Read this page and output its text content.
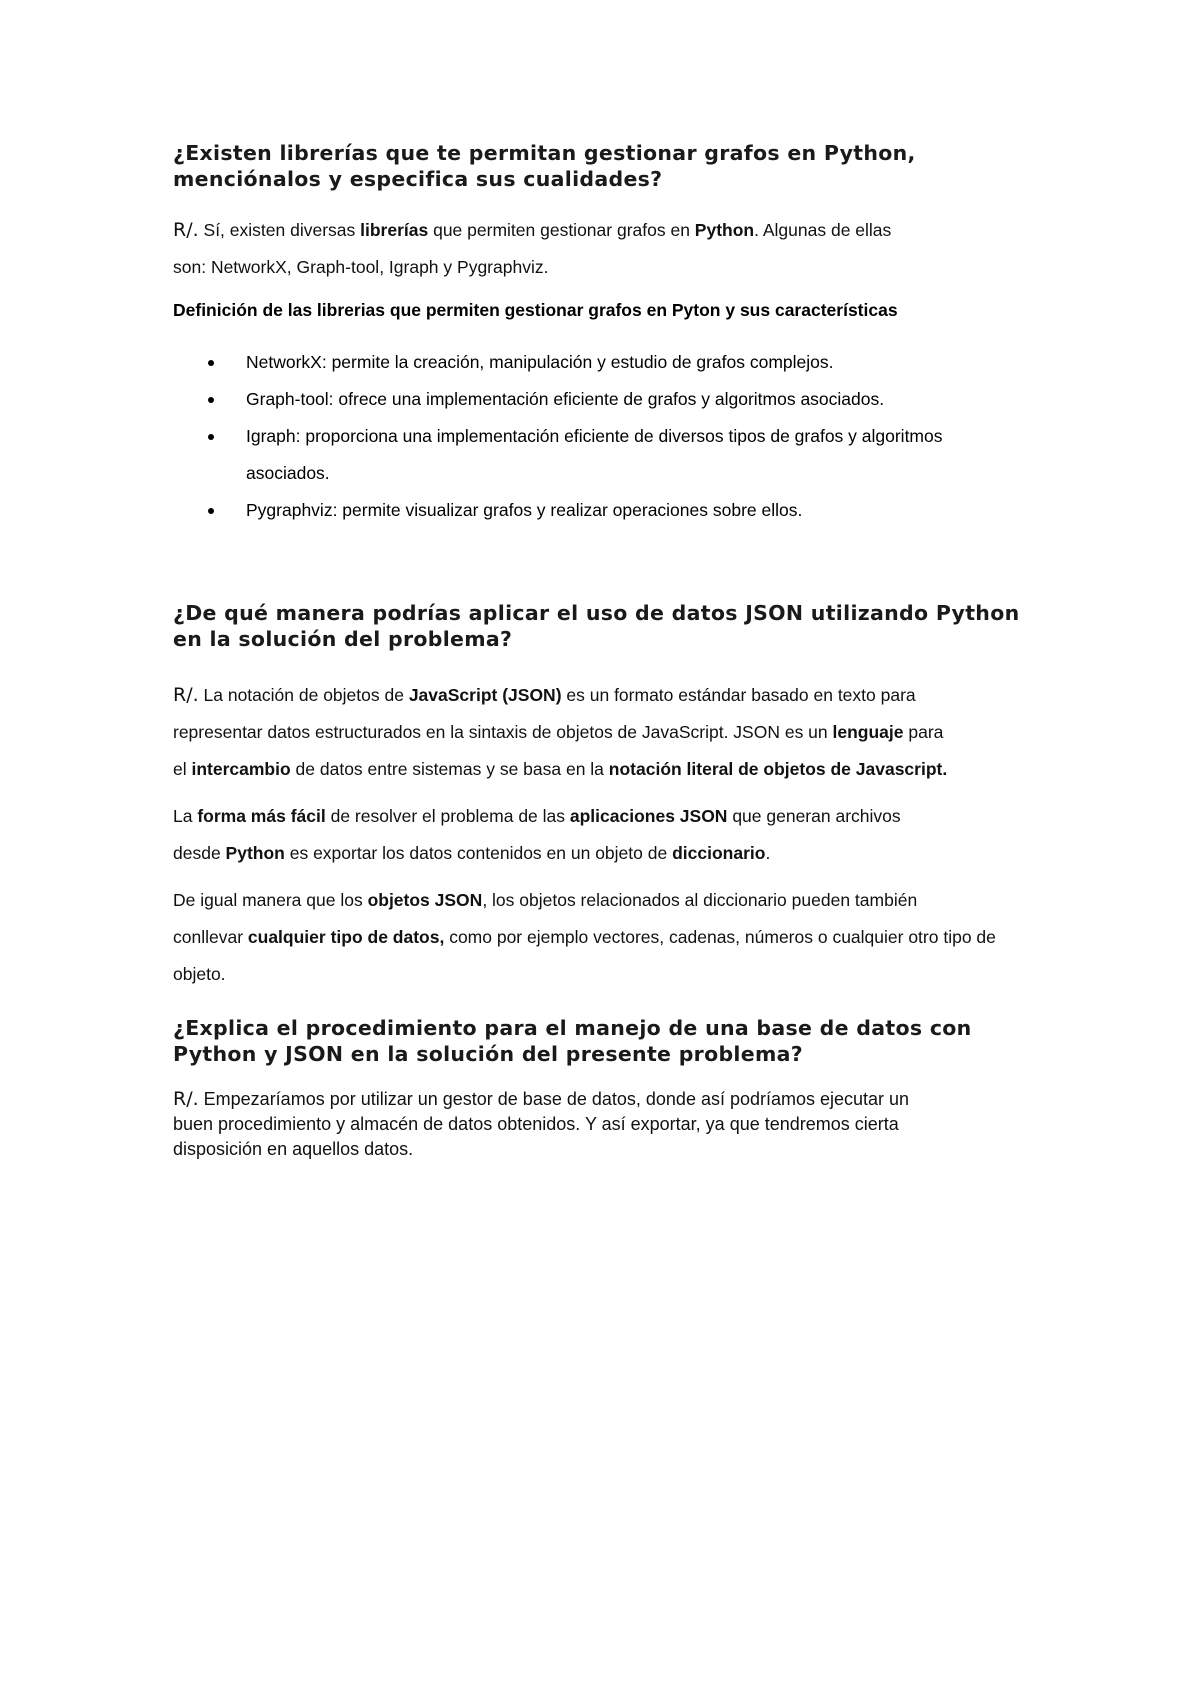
¿Existen librerías que te permitan gestionar grafos en Python,
menciónalos y especifica sus cualidades?

R/. Sí, existen diversas librerías que permiten gestionar grafos en Python. Algunas de ellas
son: NetworkX, Graph-tool, Igraph y Pygraphviz.

Definición de las librerias que permiten gestionar grafos en Pyton y sus características

NetworkX: permite la creación, manipulación y estudio de grafos complejos.
Graph-tool: ofrece una implementación eficiente de grafos y algoritmos asociados.
Igraph: proporciona una implementación eficiente de diversos tipos de grafos y algoritmos
asociados.
Pygraphviz: permite visualizar grafos y realizar operaciones sobre ellos.
¿De qué manera podrías aplicar el uso de datos JSON utilizando Python
en la solución del problema?

R/. La notación de objetos de JavaScript (JSON) es un formato estándar basado en texto para
representar datos estructurados en la sintaxis de objetos de JavaScript. JSON es un lenguaje para
el intercambio de datos entre sistemas y se basa en la notación literal de objetos de Javascript.

La forma más fácil de resolver el problema de las aplicaciones JSON que generan archivos
desde Python es exportar los datos contenidos en un objeto de diccionario.

De igual manera que los objetos JSON, los objetos relacionados al diccionario pueden también
conllevar cualquier tipo de datos, como por ejemplo vectores, cadenas, números o cualquier otro tipo de
objeto.

¿Explica el procedimiento para el manejo de una base de datos con
Python y JSON en la solución del presente problema?

R/. Empezaríamos por utilizar un gestor de base de datos, donde así podríamos ejecutar un
buen procedimiento y almacén de datos obtenidos. Y así exportar, ya que tendremos cierta
disposición en aquellos datos.
